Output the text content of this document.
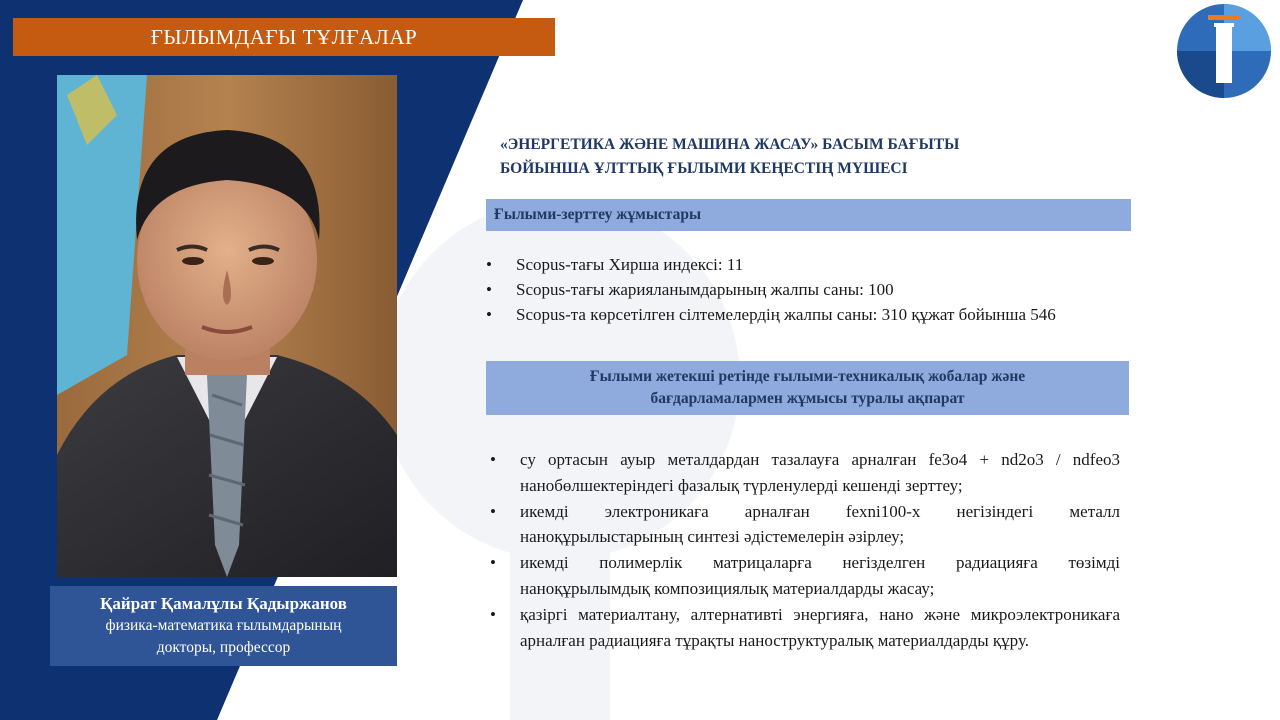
ҒЫЛЫМДАҒЫ ТҰЛҒАЛАР
Қайрат Қамалұлы Қадыржанов
физика-математика ғылымдарының
докторы, профессор
«ЭНЕРГЕТИКА ЖӘНЕ МАШИНА ЖАСАУ» БАСЫМ БАҒЫТЫ
БОЙЫНША ҰЛТТЫҚ ҒЫЛЫМИ КЕҢЕСТІҢ МҮШЕСІ
Ғылыми-зерттеу жұмыстары
• Scopus-тағы Хирша индексі: 11
• Scopus-тағы жарияланымдарының жалпы саны: 100
• Scopus-та көрсетілген сілтемелердің жалпы саны: 310 құжат бойынша 546
Ғылыми жетекші ретінде ғылыми-техникалық жобалар және
бағдарламалармен жұмысы туралы ақпарат
• су ортасын ауыр металдардан тазалауға арналған fe3o4 + nd2o3 / ndfeo3 нанобөлшектеріндегі фазалық түрленулерді кешенді зерттеу;
• икемді электроникаға арналған fexni100-x негізіндегі металл наноқұрылыстарының синтезі әдістемелерін әзірлеу;
• икемді полимерлік матрицаларға негізделген радиацияға төзімді наноқұрылымдық композициялық материалдарды жасау;
• қазіргі материалтану, алтернативті энергияға, нано және микроэлектроникаға арналған радиацияға тұрақты наноструктуралық материалдарды құру.
